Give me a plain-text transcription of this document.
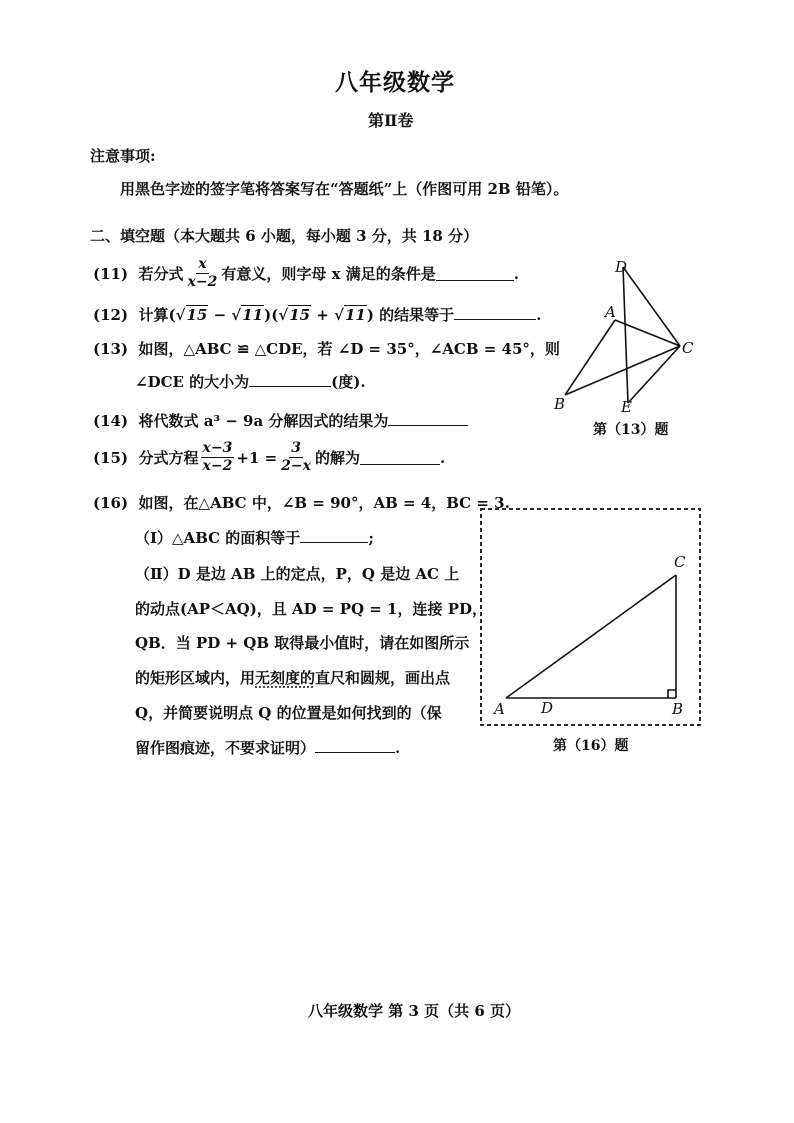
八年级数学
第Ⅱ卷
注意事项:
用黑色字迹的签字笔将答案写在“答题纸”上（作图可用 2B 铅笔）。
二、填空题（本大题共 6 小题，每小题 3 分，共 18 分）
(11)
若分式 $\frac{x}{x-2}$ 有意义，则字母 x 满足的条件是	.
(12) 计算(√15 − √11)(√15 + √11) 的结果等于	.
(13) 如图，△ABC ≌ △CDE，若 ∠D = 35°，∠ACB = 45°，则
∠DCE 的大小为	(度).
(14) 将代数式 a³ − 9a 分解因式的结果为
(15)
分式方程 $\frac{x-3}{x-2} +1 = \frac{3}{2-x}$ 的解为	.
(16) 如图，在△ABC 中，∠B = 90°，AB = 4，BC = 3.
（Ⅰ）△ABC 的面积等于	;
（Ⅱ）D 是边 AB 上的定点，P，Q 是边 AC 上
的动点(AP＜AQ)，且 AD = PQ = 1，连接 PD，
QB．当 PD + QB 取得最小值时，请在如图所示
的矩形区域内，用无刻度的直尺和圆规，画出点
Q，并简要说明点 Q 的位置是如何找到的（保
留作图痕迹，不要求证明）	.
D
A
C
B	E
第（13）题
C
A D	B
第（16）题
八年级数学 第 3 页（共 6 页）
